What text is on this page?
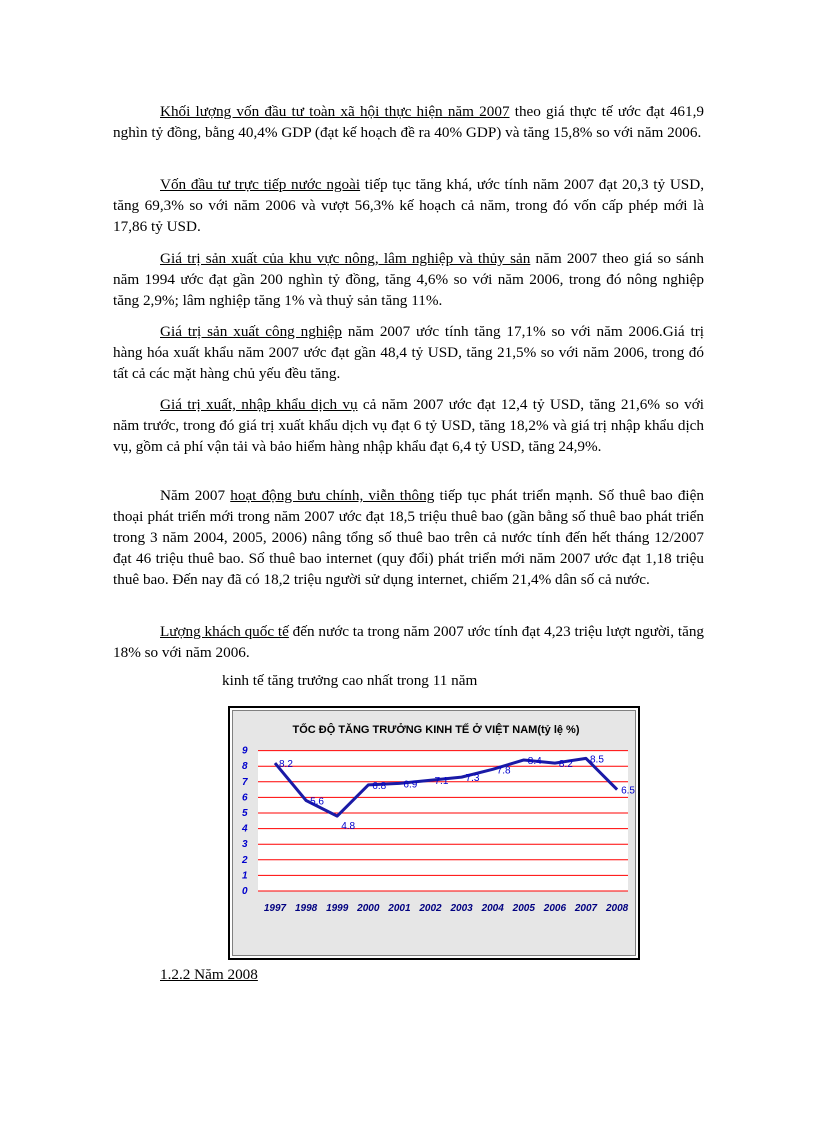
Khối lượng vốn đầu tư toàn xã hội thực hiện năm 2007 theo giá thực tế ước đạt 461,9 nghìn tỷ đồng, bằng 40,4% GDP (đạt kế hoạch đề ra 40% GDP) và tăng 15,8% so với năm 2006.

Vốn đầu tư trực tiếp nước ngoài tiếp tục tăng khá, ước tính năm 2007 đạt 20,3 tỷ USD, tăng 69,3% so với năm 2006 và vượt 56,3% kế hoạch cả năm, trong đó vốn cấp phép mới là 17,86 tỷ USD.

Giá trị sản xuất của khu vực nông, lâm nghiệp và thủy sản năm 2007 theo giá so sánh năm 1994 ước đạt gần 200 nghìn tỷ đồng, tăng 4,6% so với năm 2006, trong đó nông nghiệp tăng 2,9%; lâm nghiệp tăng 1% và thuỷ sản tăng 11%.

Giá trị sản xuất công nghiệp năm 2007 ước tính tăng 17,1% so với năm 2006.Giá trị hàng hóa xuất khẩu năm 2007 ước đạt gần 48,4 tỷ USD, tăng 21,5% so với năm 2006, trong đó tất cả các mặt hàng chủ yếu đều tăng.

Giá trị xuất, nhập khẩu dịch vụ cả năm 2007 ước đạt 12,4 tỷ USD, tăng 21,6% so với năm trước, trong đó giá trị xuất khẩu dịch vụ đạt 6 tỷ USD, tăng 18,2% và giá trị nhập khẩu dịch vụ, gồm cả phí vận tải và bảo hiểm hàng nhập khẩu đạt 6,4 tỷ USD, tăng 24,9%.

Năm 2007 hoạt động bưu chính, viễn thông tiếp tục phát triển mạnh. Số thuê bao điện thoại phát triển mới trong năm 2007 ước đạt 18,5 triệu thuê bao (gần bằng số thuê bao phát triển trong 3 năm 2004, 2005, 2006) nâng tổng số thuê bao trên cả nước tính đến hết tháng 12/2007 đạt 46 triệu thuê bao. Số thuê bao internet (quy đổi) phát triển mới năm 2007 ước đạt 1,18 triệu thuê bao. Đến nay đã có 18,2 triệu người sử dụng internet, chiếm 21,4% dân số cả nước.

Lượng khách quốc tế đến nước ta trong năm 2007 ước tính đạt 4,23 triệu lượt người, tăng 18% so với năm 2006.

kinh tế tăng trưởng cao nhất trong 11 năm
TỐC ĐỘ TĂNG TRƯỞNG KINH TẾ Ở VIỆT NAM(tỷ lệ %)
0
1
2
3
4
5
6
7
8
9
1997 1998 1999 2000 2001 2002 2003 2004 2005 2006 2007 2008
8.2
5.6
4.8
6.8 6.9 7.1 7.3
7.8
8.4 8.2 8.5
6.5
1.2.2 Năm 2008
